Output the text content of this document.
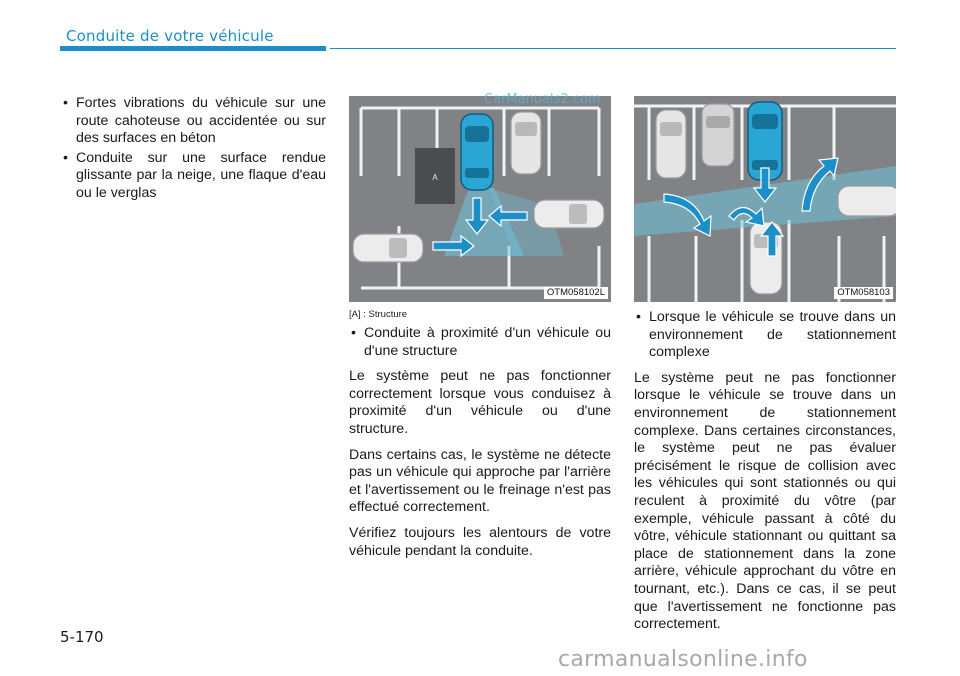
Conduite de votre véhicule
• Fortes vibrations du véhicule sur une route cahoteuse ou accidentée ou sur des surfaces en béton
• Conduite sur une surface rendue glissante par la neige, une flaque d'eau ou le verglas
A
OTM058102L
[A] : Structure
OTM058103
• Conduite à proximité d'un véhicule ou d'une structure
Le système peut ne pas fonctionner correctement lorsque vous conduisez à proximité d'un véhicule ou d'une structure.
Dans certains cas, le système ne détecte pas un véhicule qui approche par l'arrière et l'avertissement ou le freinage n'est pas effectué correctement.
Vérifiez toujours les alentours de votre véhicule pendant la conduite.
• Lorsque le véhicule se trouve dans un environnement de stationnement complexe
Le système peut ne pas fonctionner lorsque le véhicule se trouve dans un environnement de stationnement complexe. Dans certaines circonstances, le système peut ne pas évaluer précisément le risque de collision avec les véhicules qui sont stationnés ou qui reculent à proximité du vôtre (par exemple, véhicule passant à côté du vôtre, véhicule stationnant ou quittant sa place de stationnement dans la zone arrière, véhicule approchant du vôtre en tournant, etc.). Dans ce cas, il se peut que l'avertissement ne fonctionne pas correctement.
CarManuals2.com
carmanualsonline.info
5-170
